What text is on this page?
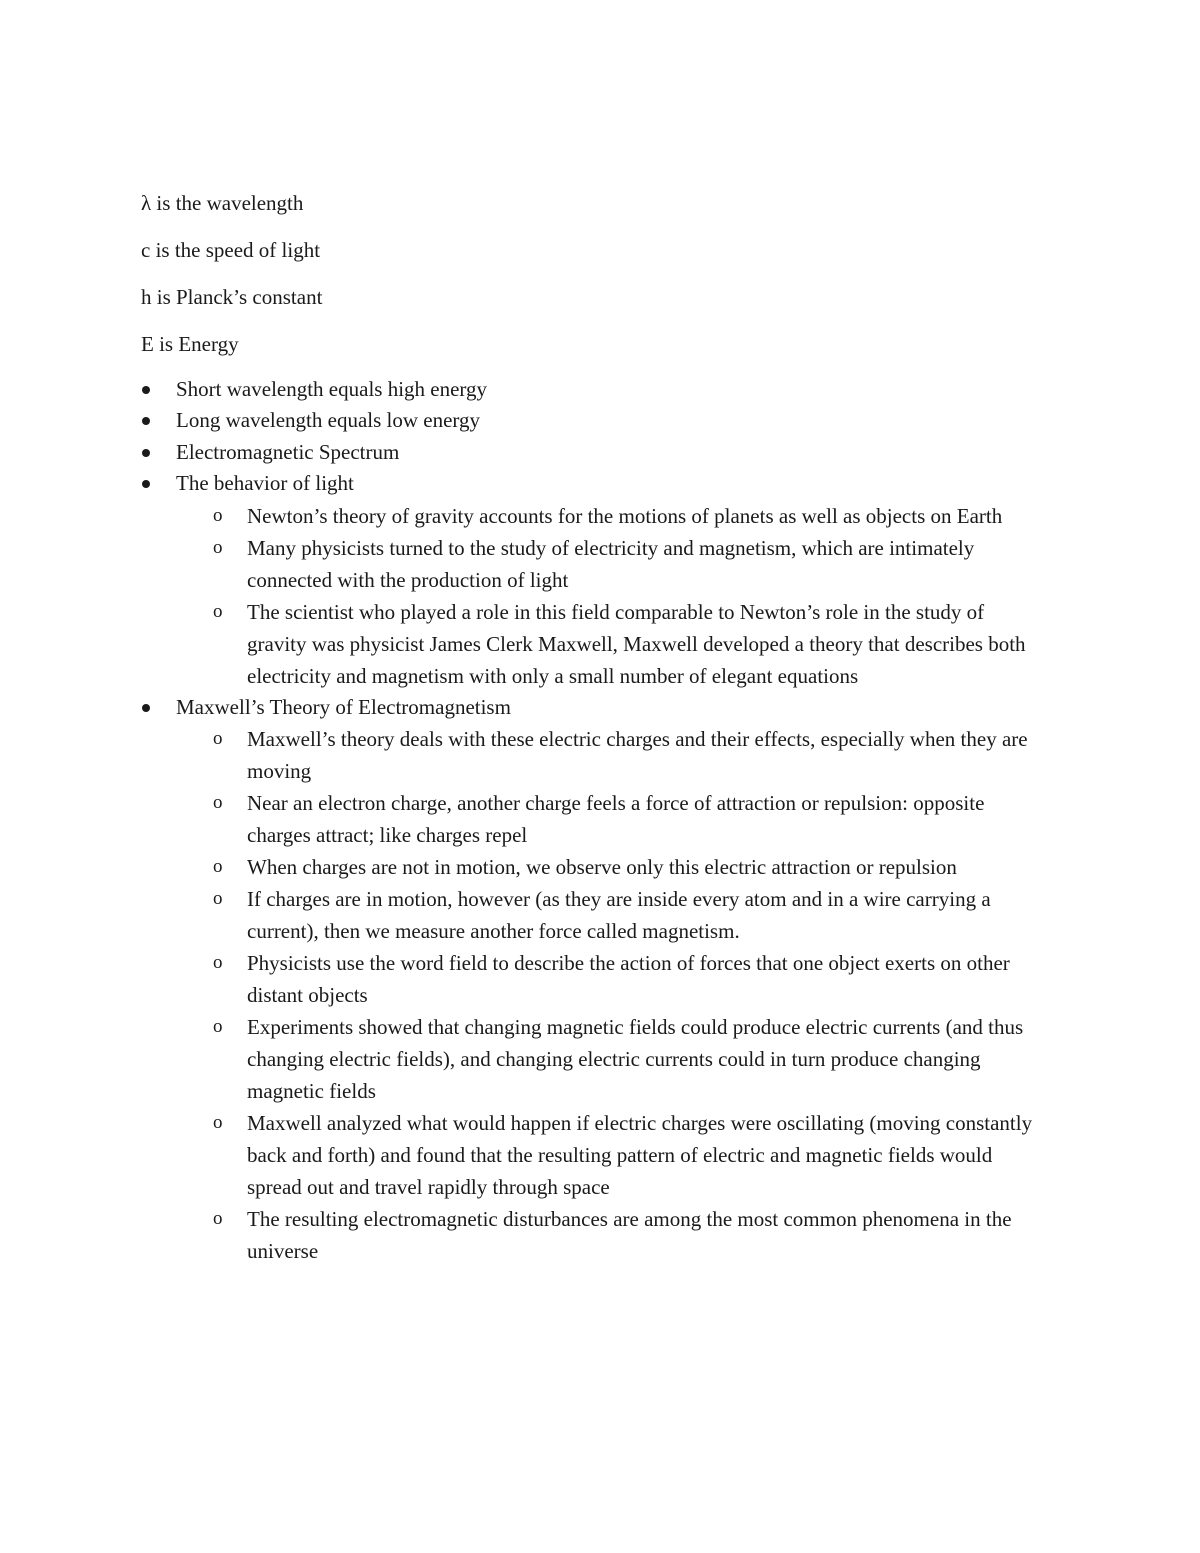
λ is the wavelength
c is the speed of light
h is Planck’s constant
E is Energy
Short wavelength equals high energy
Long wavelength equals low energy
Electromagnetic Spectrum
The behavior of light
o	Newton’s theory of gravity accounts for the motions of planets as well as objects on Earth
o	Many physicists turned to the study of electricity and magnetism, which are intimately connected with the production of light
o	The scientist who played a role in this field comparable to Newton’s role in the study of gravity was physicist James Clerk Maxwell, Maxwell developed a theory that describes both electricity and magnetism with only a small number of elegant equations
Maxwell’s Theory of Electromagnetism
o	Maxwell’s theory deals with these electric charges and their effects, especially when they are moving
o	Near an electron charge, another charge feels a force of attraction or repulsion: opposite charges attract; like charges repel
o	When charges are not in motion, we observe only this electric attraction or repulsion
o	If charges are in motion, however (as they are inside every atom and in a wire carrying a current), then we measure another force called magnetism.
o	Physicists use the word field to describe the action of forces that one object exerts on other distant objects
o	Experiments showed that changing magnetic fields could produce electric currents (and thus changing electric fields), and changing electric currents could in turn produce changing magnetic fields
o	Maxwell analyzed what would happen if electric charges were oscillating (moving constantly back and forth) and found that the resulting pattern of electric and magnetic fields would spread out and travel rapidly through space
o	The resulting electromagnetic disturbances are among the most common phenomena in the universe
